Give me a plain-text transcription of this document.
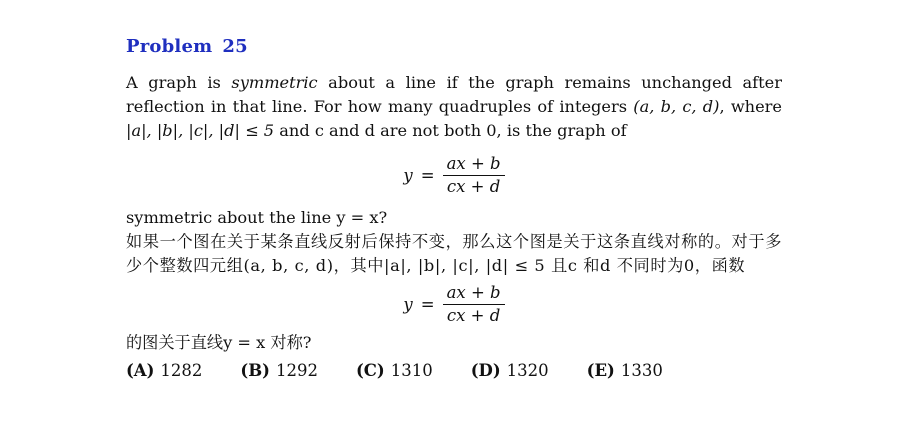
Problem 25

A graph is symmetric about a line if the graph remains unchanged after reflection in that line. For how many quadruples of integers (a, b, c, d), where |a|, |b|, |c|, |d| ≤ 5 and c and d are not both 0, is the graph of

$y = \frac{ax + b}{cx + d}$

symmetric about the line y = x?

如果一个图在关于某条直线反射后保持不变，那么这个图是关于这条直线对称的。对于多少个整数四元组(a, b, c, d)，其中|a|, |b|, |c|, |d| ≤ 5 且c 和d 不同时为0，函数

$y = \frac{ax + b}{cx + d}$

的图关于直线y = x 对称?

(A) 1282 (B) 1292 (C) 1310 (D) 1320 (E) 1330
